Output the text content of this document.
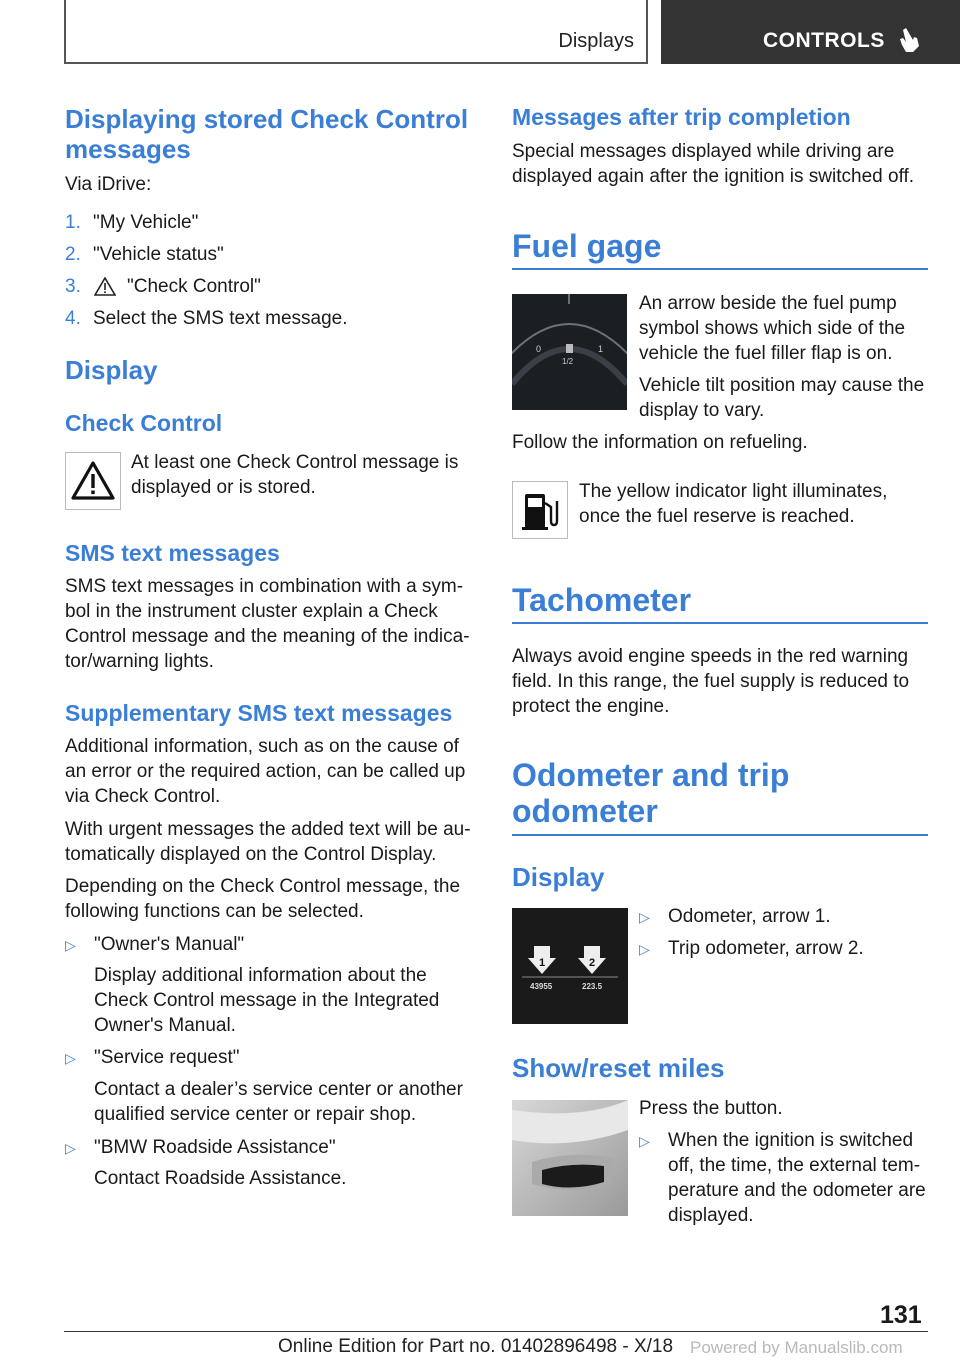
Displays	CONTROLS
Displaying stored Check Control messages
Via iDrive:
1. "My Vehicle"
2. "Vehicle status"
3. "Check Control"
4. Select the SMS text message.
Display
Check Control
At least one Check Control message is
displayed or is stored.
SMS text messages
SMS text messages in combination with a sym-
bol in the instrument cluster explain a Check
Control message and the meaning of the indica-
tor/warning lights.
Supplementary SMS text messages
Additional information, such as on the cause of
an error or the required action, can be called up
via Check Control.
With urgent messages the added text will be au-
tomatically displayed on the Control Display.
Depending on the Check Control message, the
following functions can be selected.
▷ "Owner's Manual"
Display additional information about the
Check Control message in the Integrated
Owner's Manual.
▷ "Service request"
Contact a dealer’s service center or another
qualified service center or repair shop.
▷ "BMW Roadside Assistance"
Contact Roadside Assistance.
Messages after trip completion
Special messages displayed while driving are
displayed again after the ignition is switched off.
Fuel gage
0
1/2
1
An arrow beside the fuel pump
symbol shows which side of the
vehicle the fuel filler flap is on.
Vehicle tilt position may cause the
display to vary.
Follow the information on refueling.
The yellow indicator light illuminates,
once the fuel reserve is reached.
Tachometer
Always avoid engine speeds in the red warning
field. In this range, the fuel supply is reduced to
protect the engine.
Odometer and trip
odometer
Display
1	2
43955	223.5
▷ Odometer, arrow 1.
▷ Trip odometer, arrow 2.
Show/reset miles
Press the button.
▷ When the ignition is switched
off, the time, the external tem-
perature and the odometer are
displayed.
131
Online Edition for Part no. 01402896498 - X/18 Powered by Manualslib.com
